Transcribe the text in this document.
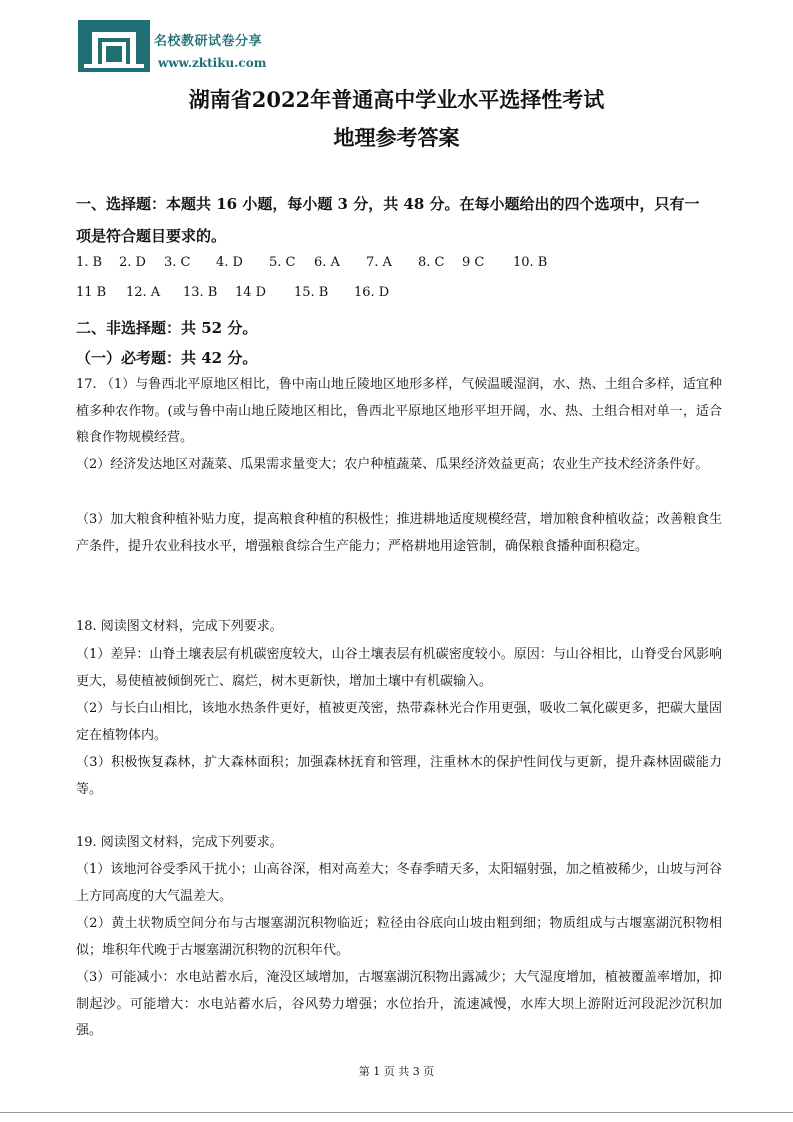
名校教研试卷分享
www.zktiku.com
湖南省2022年普通高中学业水平选择性考试
地理参考答案
一、选择题：本题共 16 小题，每小题 3 分，共 48 分。在每小题给出的四个选项中，只有一
项是符合题目要求的。
1. B 2. D 3. C 4. D 5. C 6. A 7. A 8. C 9 C 10. B
11 B 12. A 13. B 14 D 15. B 16. D
二、非选择题：共 52 分。
（一）必考题：共 42 分。
17. （1）与鲁西北平原地区相比，鲁中南山地丘陵地区地形多样，气候温暖湿润，水、热、土组合多样，适宜种植多种农作物。(或与鲁中南山地丘陵地区相比，鲁西北平原地区地形平坦开阔，水、热、土组合相对单一，适合粮食作物规模经营。
（2）经济发达地区对蔬菜、瓜果需求量变大；农户种植蔬菜、瓜果经济效益更高；农业生产技术经济条件好。
（3）加大粮食种植补贴力度，提高粮食种植的积极性；推进耕地适度规模经营，增加粮食种植收益；改善粮食生产条件，提升农业科技水平，增强粮食综合生产能力；严格耕地用途管制，确保粮食播种面积稳定。
18. 阅读图文材料，完成下列要求。
（1）差异：山脊土壤表层有机碳密度较大，山谷土壤表层有机碳密度较小。原因：与山谷相比，山脊受台风影响更大，易使植被倾倒死亡、腐烂，树木更新快，增加土壤中有机碳输入。
（2）与长白山相比，该地水热条件更好，植被更茂密，热带森林光合作用更强，吸收二氧化碳更多，把碳大量固定在植物体内。
（3）积极恢复森林，扩大森林面积；加强森林抚育和管理，注重林木的保护性间伐与更新，提升森林固碳能力等。
19. 阅读图文材料，完成下列要求。
（1）该地河谷受季风干扰小；山高谷深，相对高差大；冬春季晴天多，太阳辐射强，加之植被稀少，山坡与河谷上方同高度的大气温差大。
（2）黄土状物质空间分布与古堰塞湖沉积物临近；粒径由谷底向山坡由粗到细；物质组成与古堰塞湖沉积物相似；堆积年代晚于古堰塞湖沉积物的沉积年代。
（3）可能减小：水电站蓄水后，淹没区域增加，古堰塞湖沉积物出露减少；大气湿度增加，植被覆盖率增加，抑制起沙。可能增大：水电站蓄水后，谷风势力增强；水位抬升，流速减慢，水库大坝上游附近河段泥沙沉积加强。
第 1 页 共 3 页
